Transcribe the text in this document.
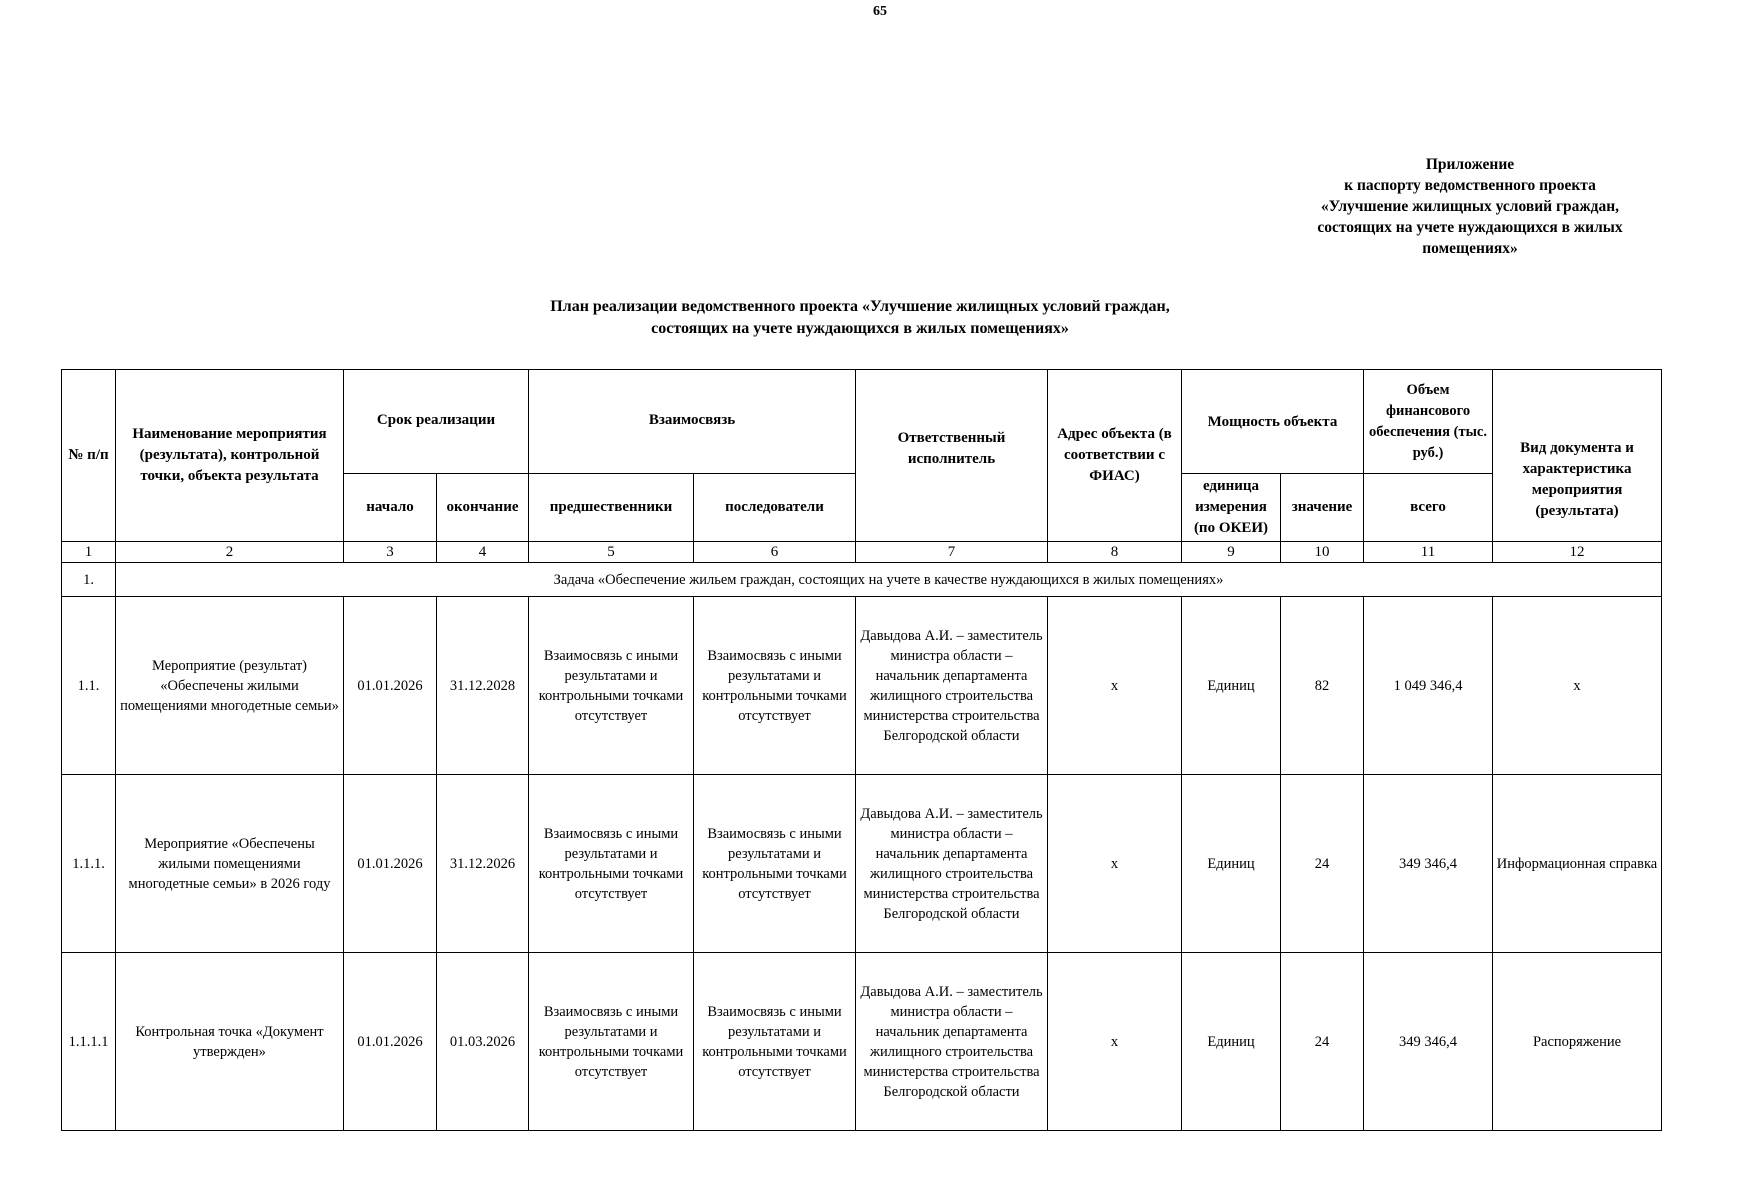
65
Приложение
к паспорту ведомственного проекта
«Улучшение жилищных условий граждан,
состоящих на учете нуждающихся в жилых
помещениях»
План реализации ведомственного проекта «Улучшение жилищных условий граждан,
состоящих на учете нуждающихся в жилых помещениях»
№ п/п	Наименование мероприятия (результата), контрольной точки, объекта результата	Срок реализации		Взаимосвязь		Ответственный исполнитель	Адрес объекта (в соответствии с ФИАС)	Мощность объекта		Объем финансового обеспечения (тыс. руб.)	Вид документа и характеристика мероприятия (результата)
		начало	окончание	предшественники	последователи			единица измерения (по ОКЕИ)	значение	всего	
1	2	3	4	5	6	7	8	9	10	11	12
1.	Задача «Обеспечение жильем граждан, состоящих на учете в качестве нуждающихся в жилых помещениях»										
1.1.	Мероприятие (результат) «Обеспечены жилыми помещениями многодетные семьи»	01.01.2026	31.12.2028	Взаимосвязь с иными результатами и контрольными точками отсутствует	Взаимосвязь с иными результатами и контрольными точками отсутствует	Давыдова А.И. – заместитель министра области – начальник департамента жилищного строительства министерства строительства Белгородской области	х	Единиц	82	1 049 346,4	х
1.1.1.	Мероприятие «Обеспечены жилыми помещениями многодетные семьи» в 2026 году	01.01.2026	31.12.2026	Взаимосвязь с иными результатами и контрольными точками отсутствует	Взаимосвязь с иными результатами и контрольными точками отсутствует	Давыдова А.И. – заместитель министра области – начальник департамента жилищного строительства министерства строительства Белгородской области	х	Единиц	24	349 346,4	Информационная справка
1.1.1.1	Контрольная точка «Документ утвержден»	01.01.2026	01.03.2026	Взаимосвязь с иными результатами и контрольными точками отсутствует	Взаимосвязь с иными результатами и контрольными точками отсутствует	Давыдова А.И. – заместитель министра области – начальник департамента жилищного строительства министерства строительства Белгородской области	х	Единиц	24	349 346,4	Распоряжение
